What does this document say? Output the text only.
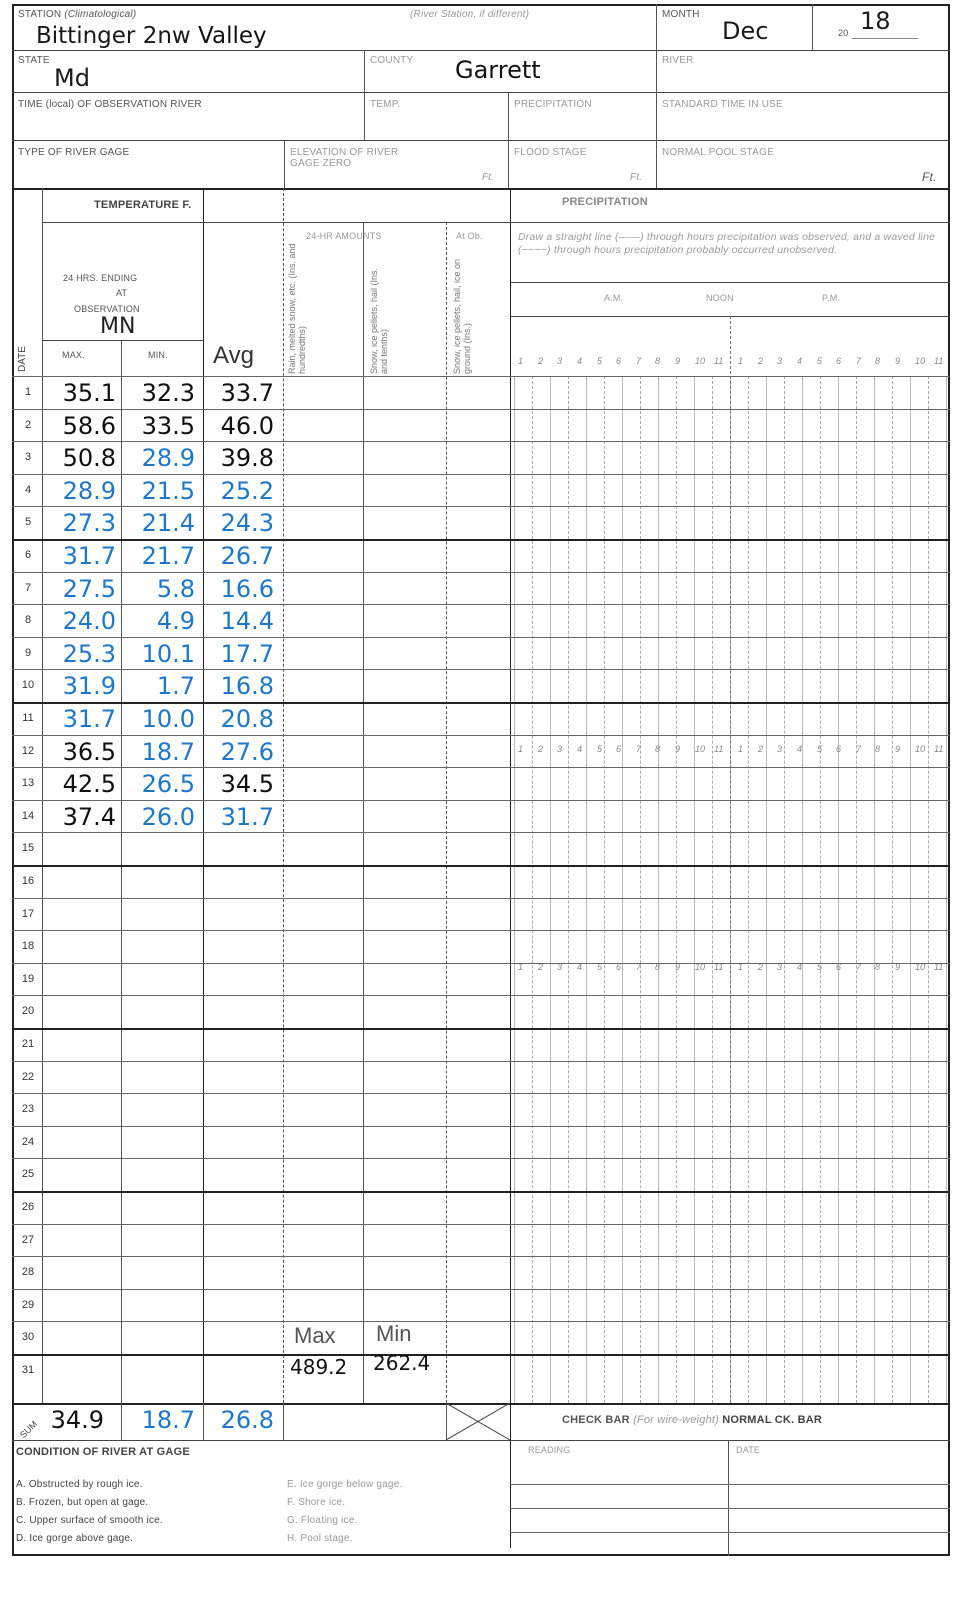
STATION (Climatological)
Bittinger 2nw Valley
(River Station, if different)	MONTH
Dec	20 18
STATE
Md
COUNTY Garrett	RIVER
TIME (local) OF OBSERVATION RIVER	TEMP.	PRECIPITATION	STANDARD TIME IN USE
TYPE OF RIVER GAGE	ELEVATION OF RIVER GAGE ZERO
Ft.
FLOOD STAGE
Ft.
NORMAL POOL STAGE
Ft.
TEMPERATURE F.
24 HRS. ENDING
AT
OBSERVATION
MN
MAX.	MIN. Avg
DATE
24-HR AMOUNTS	At Ob.
Rain, melted snow, etc. (Ins. and hundredths)	Snow, ice pellets, hail (Ins. and tenths)	Snow, ice pellets, hail, ice on ground (Ins.)
PRECIPITATION
Draw a straight line (——) through hours precipitation was observed, and a waved line (~~~~) through hours precipitation probably occurred unobserved.
A.M.	NOON	P.M.
1 2 3 4 5 6 7 8 9 10 11 1 2 3 4 5 6 7 8 9 10 11
1 2 3 4 5 6 7 8 9 10 11 1 2 3 4 5 6 7 8 9 10 11
1 2 3 4 5 6 7 8 9 10 11 1 2 3 4 5 6 7 8 9 10 11
1	35.1	32.3	33.7
2	58.6	33.5	46.0
3	50.8	28.9	39.8
4	28.9	21.5	25.2
5	27.3	21.4	24.3
6	31.7	21.7	26.7
7	27.5	5.8	16.6
8	24.0	4.9	14.4
9	25.3	10.1	17.7
10	31.9	1.7	16.8
11	31.7	10.0	20.8
12	36.5	18.7	27.6
13	42.5	26.5	34.5
14	37.4	26.0	31.7
15
16
17
18
19
20
21
22
23
24
25
26
27
28
29
30
31
Max Min
489.2 262.4
SUM 34.9	18.7	26.8	CHECK BAR (For wire-weight) NORMAL CK. BAR
READING	DATE
CONDITION OF RIVER AT GAGE
A. Obstructed by rough ice.
B. Frozen, but open at gage.
C. Upper surface of smooth ice.
D. Ice gorge above gage.
E. Ice gorge below gage.
F. Shore ice.
G. Floating ice.
H. Pool stage.
